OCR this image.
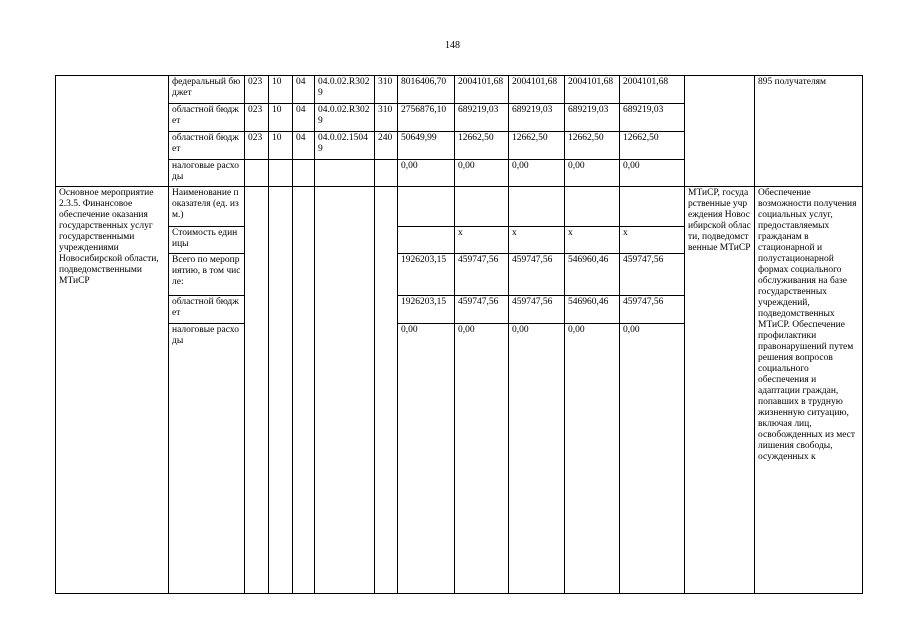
148
	федеральный бюджет	023	10	04	04.0.02.R3029	310	8016406,70	2004101,68	2004101,68	2004101,68	2004101,68		895 получателям
	областной бюджет	023	10	04	04.0.02.R3029	310	2756876,10	689219,03	689219,03	689219,03	689219,03		
	областной бюджет	023	10	04	04.0.02.15049	240	50649,99	12662,50	12662,50	12662,50	12662,50		
	налоговые расходы						0,00	0,00	0,00	0,00	0,00		
Основное мероприятие 2.3.5. Финансовое обеспечение оказания государственных услуг государственными учреждениями Новосибирской области, подведомственными МТиСР	Наименование показателя (ед. изм.)											МТиСР, государственные учреждения Новосибирской области, подведомственные МТиСР	Обеспечение возможности получения социальных услуг, предоставляемых гражданам в стационарной и полустационарной формах социального обслуживания на базе государственных учреждений, подведомственных МТиСР. Обеспечение профилактики правонарушений путем решения вопросов социального обеспечения и адаптации граждан, попавших в трудную жизненную ситуацию, включая лиц, освобожденных из мест лишения свободы, осужденных к
	Стоимость единицы							х	х	х	х		
	Всего по мероприятию, в том числе:						1926203,15	459747,56	459747,56	546960,46	459747,56		
	областной бюджет						1926203,15	459747,56	459747,56	546960,46	459747,56		
	налоговые расходы						0,00	0,00	0,00	0,00	0,00		
